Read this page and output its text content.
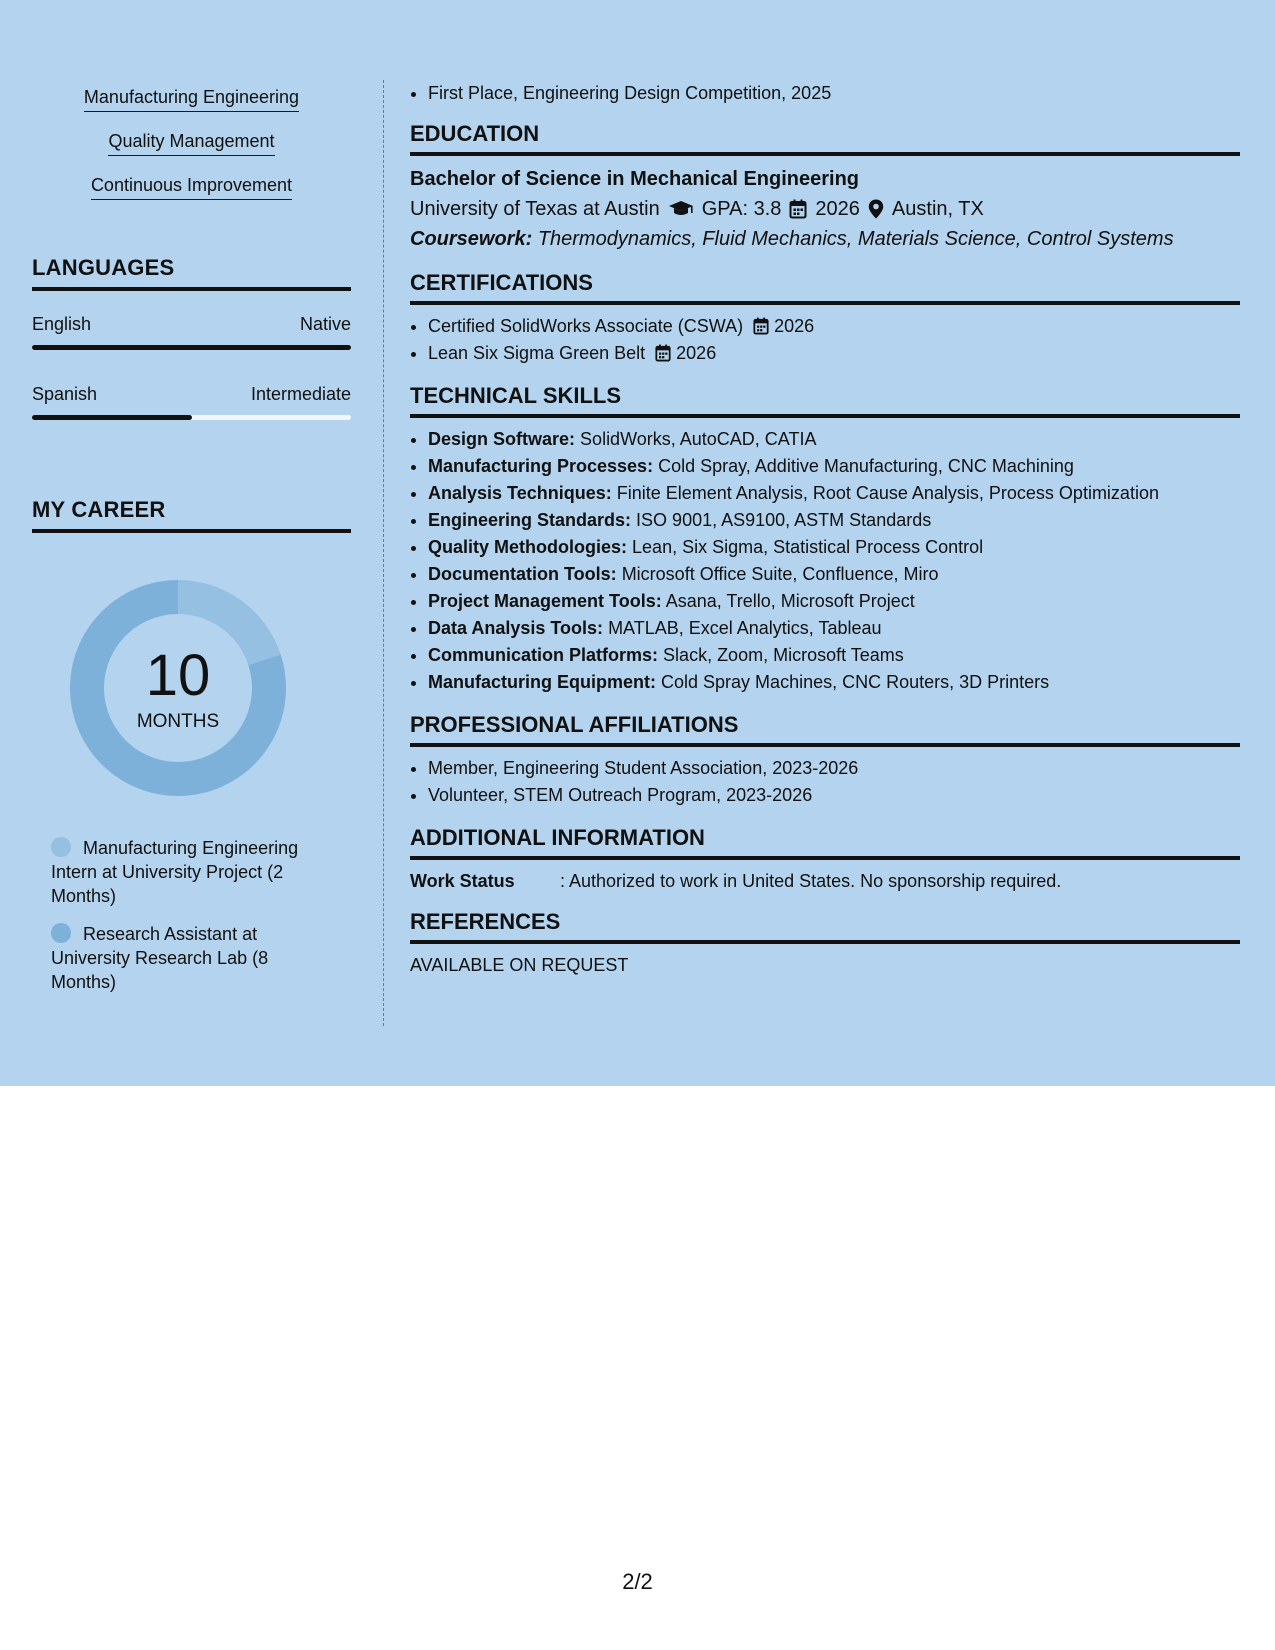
Manufacturing Engineering
Quality Management
Continuous Improvement
LANGUAGES
English	Native
Spanish	Intermediate
MY CAREER
10
MONTHS
Manufacturing Engineering Intern at University Project (2 Months)
Research Assistant at University Research Lab (8 Months)
• First Place, Engineering Design Competition, 2025
EDUCATION
Bachelor of Science in Mechanical Engineering
University of Texas at Austin GPA: 3.8 2026 Austin, TX
Coursework: Thermodynamics, Fluid Mechanics, Materials Science, Control Systems
CERTIFICATIONS
• Certified SolidWorks Associate (CSWA) 2026
• Lean Six Sigma Green Belt 2026
TECHNICAL SKILLS
• Design Software: SolidWorks, AutoCAD, CATIA
• Manufacturing Processes: Cold Spray, Additive Manufacturing, CNC Machining
• Analysis Techniques: Finite Element Analysis, Root Cause Analysis, Process Optimization
• Engineering Standards: ISO 9001, AS9100, ASTM Standards
• Quality Methodologies: Lean, Six Sigma, Statistical Process Control
• Documentation Tools: Microsoft Office Suite, Confluence, Miro
• Project Management Tools: Asana, Trello, Microsoft Project
• Data Analysis Tools: MATLAB, Excel Analytics, Tableau
• Communication Platforms: Slack, Zoom, Microsoft Teams
• Manufacturing Equipment: Cold Spray Machines, CNC Routers, 3D Printers
PROFESSIONAL AFFILIATIONS
• Member, Engineering Student Association, 2023-2026
• Volunteer, STEM Outreach Program, 2023-2026
ADDITIONAL INFORMATION
Work Status	: Authorized to work in United States. No sponsorship required.
REFERENCES
AVAILABLE ON REQUEST
2/2
